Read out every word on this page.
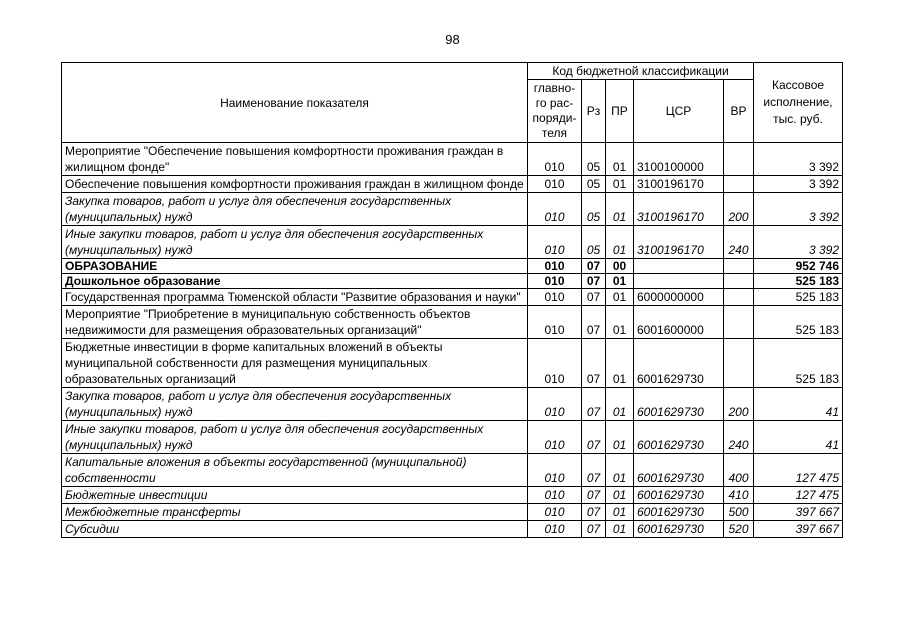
98
Наименование показателя	Код бюджетной классификации					Кассовое исполнение, тыс. руб.
	главно-го рас-поряди-теля	Рз	ПР	ЦСР	ВР	
Мероприятие "Обеспечение повышения комфортности проживания граждан в жилищном фонде"	010	05	01	3100100000		3 392
Обеспечение повышения комфортности проживания граждан в жилищном фонде	010	05	01	3100196170		3 392
Закупка товаров, работ и услуг для обеспечения государственных (муниципальных) нужд	010	05	01	3100196170	200	3 392
Иные закупки товаров, работ и услуг для обеспечения государственных (муниципальных) нужд	010	05	01	3100196170	240	3 392
ОБРАЗОВАНИЕ	010	07	00			952 746
Дошкольное образование	010	07	01			525 183
Государственная программа Тюменской области "Развитие образования и науки"	010	07	01	6000000000		525 183
Мероприятие "Приобретение в муниципальную собственность объектов недвижимости для размещения образовательных организаций"	010	07	01	6001600000		525 183
Бюджетные инвестиции в форме капитальных вложений в объекты муниципальной собственности для размещения муниципальных образовательных организаций	010	07	01	6001629730		525 183
Закупка товаров, работ и услуг для обеспечения государственных (муниципальных) нужд	010	07	01	6001629730	200	41
Иные закупки товаров, работ и услуг для обеспечения государственных (муниципальных) нужд	010	07	01	6001629730	240	41
Капитальные вложения в объекты государственной (муниципальной) собственности	010	07	01	6001629730	400	127 475
Бюджетные инвестиции	010	07	01	6001629730	410	127 475
Межбюджетные трансферты	010	07	01	6001629730	500	397 667
Субсидии	010	07	01	6001629730	520	397 667
